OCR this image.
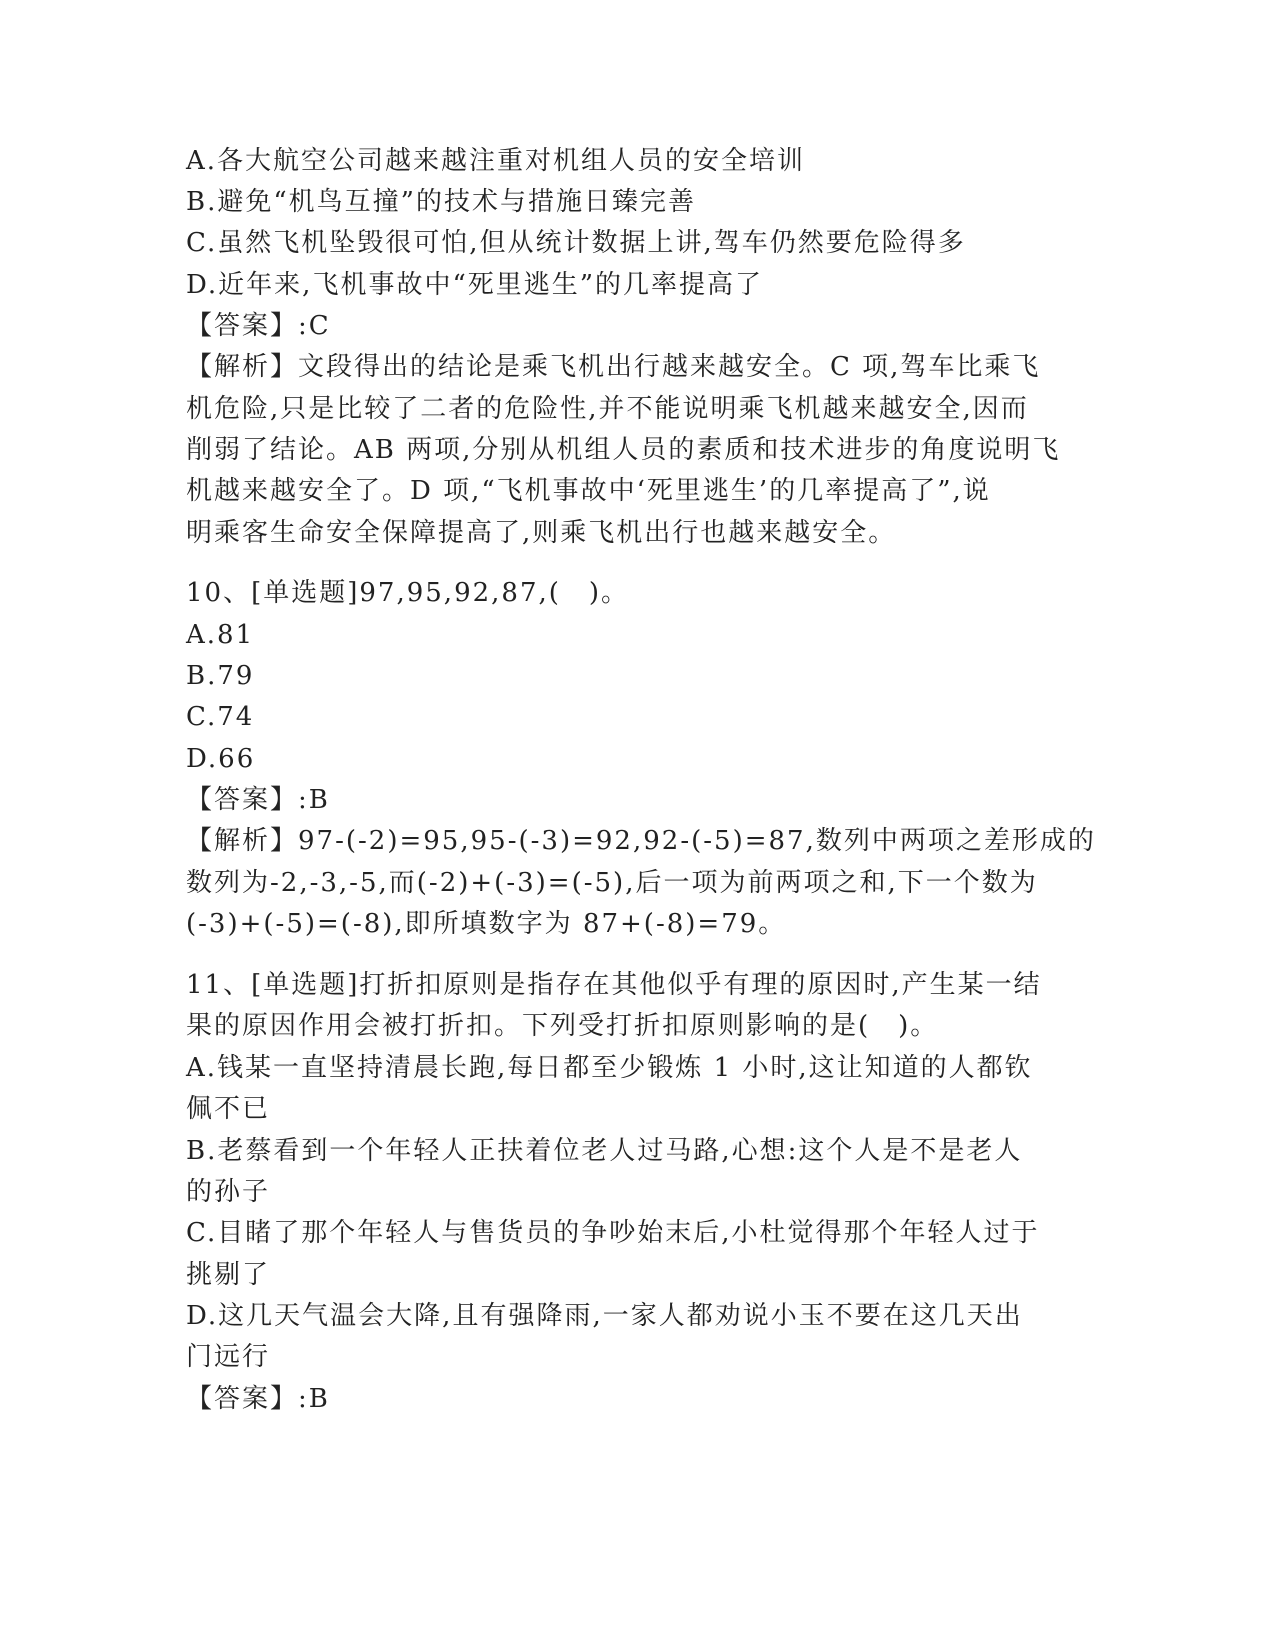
A.各大航空公司越来越注重对机组人员的安全培训
B.避免“机鸟互撞”的技术与措施日臻完善
C.虽然飞机坠毁很可怕,但从统计数据上讲,驾车仍然要危险得多
D.近年来,飞机事故中“死里逃生”的几率提高了
【答案】:C
【解析】文段得出的结论是乘飞机出行越来越安全。C 项,驾车比乘飞
机危险,只是比较了二者的危险性,并不能说明乘飞机越来越安全,因而
削弱了结论。AB 两项,分别从机组人员的素质和技术进步的角度说明飞
机越来越安全了。D 项,“飞机事故中‘死里逃生’的几率提高了”,说
明乘客生命安全保障提高了,则乘飞机出行也越来越安全。
10、[单选题]97,95,92,87,(　)。
A.81
B.79
C.74
D.66
【答案】:B
【解析】97-(-2)=95,95-(-3)=92,92-(-5)=87,数列中两项之差形成的
数列为-2,-3,-5,而(-2)+(-3)=(-5),后一项为前两项之和,下一个数为
(-3)+(-5)=(-8),即所填数字为 87+(-8)=79。
11、[单选题]打折扣原则是指存在其他似乎有理的原因时,产生某一结
果的原因作用会被打折扣。下列受打折扣原则影响的是(　)。
A.钱某一直坚持清晨长跑,每日都至少锻炼 1 小时,这让知道的人都钦
佩不已
B.老蔡看到一个年轻人正扶着位老人过马路,心想:这个人是不是老人
的孙子
C.目睹了那个年轻人与售货员的争吵始末后,小杜觉得那个年轻人过于
挑剔了
D.这几天气温会大降,且有强降雨,一家人都劝说小玉不要在这几天出
门远行
【答案】:B
